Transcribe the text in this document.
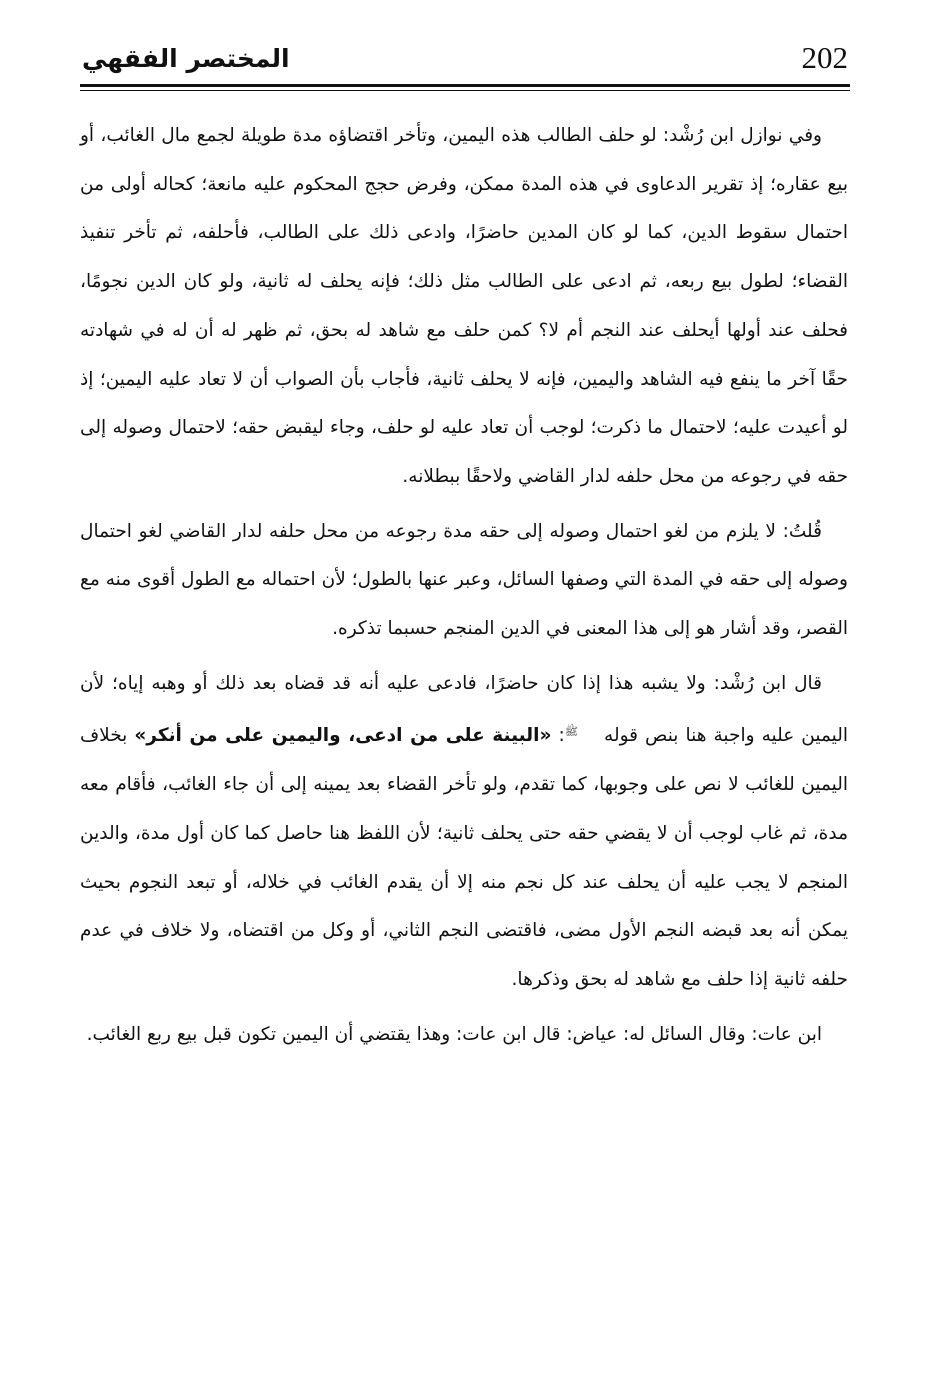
202
المختصر الفقهي

وفي نوازل ابن رُشْد: لو حلف الطالب هذه اليمين، وتأخر اقتضاؤه مدة طويلة لجمع مال الغائب، أو بيع عقاره؛ إذ تقرير الدعاوى في هذه المدة ممكن، وفرض حجج المحكوم عليه مانعة؛ كحاله أولى من احتمال سقوط الدين، كما لو كان المدين حاضرًا، وادعى ذلك على الطالب، فأحلفه، ثم تأخر تنفيذ القضاء؛ لطول بيع ربعه، ثم ادعى على الطالب مثل ذلك؛ فإنه يحلف له ثانية، ولو كان الدين نجومًا، فحلف عند أولها أيحلف عند النجم أم لا؟ كمن حلف مع شاهد له بحق، ثم ظهر له أن له في شهادته حقًا آخر ما ينفع فيه الشاهد واليمين، فإنه لا يحلف ثانية، فأجاب بأن الصواب أن لا تعاد عليه اليمين؛ إذ لو أعيدت عليه؛ لاحتمال ما ذكرت؛ لوجب أن تعاد عليه لو حلف، وجاء ليقبض حقه؛ لاحتمال وصوله إلى حقه في رجوعه من محل حلفه لدار القاضي ولاحقًا ببطلانه.

قُلتُ: لا يلزم من لغو احتمال وصوله إلى حقه مدة رجوعه من محل حلفه لدار القاضي لغو احتمال وصوله إلى حقه في المدة التي وصفها السائل، وعبر عنها بالطول؛ لأن احتماله مع الطول أقوى منه مع القصر، وقد أشار هو إلى هذا المعنى في الدين المنجم حسبما تذكره.

قال ابن رُشْد: ولا يشبه هذا إذا كان حاضرًا، فادعى عليه أنه قد قضاه بعد ذلك أو وهبه إياه؛ لأن اليمين عليه واجبة هنا بنص قولهﷺ: «البينة على من ادعى، واليمين على من أنكر» بخلاف اليمين للغائب لا نص على وجوبها، كما تقدم، ولو تأخر القضاء بعد يمينه إلى أن جاء الغائب، فأقام معه مدة، ثم غاب لوجب أن لا يقضي حقه حتى يحلف ثانية؛ لأن اللفظ هنا حاصل كما كان أول مدة، والدين المنجم لا يجب عليه أن يحلف عند كل نجم منه إلا أن يقدم الغائب في خلاله، أو تبعد النجوم بحيث يمكن أنه بعد قبضه النجم الأول مضى، فاقتضى النجم الثاني، أو وكل من اقتضاه، ولا خلاف في عدم حلفه ثانية إذا حلف مع شاهد له بحق وذكرها.

ابن عات: وقال السائل له: عياض: قال ابن عات: وهذا يقتضي أن اليمين تكون قبل بيع ربع الغائب.
